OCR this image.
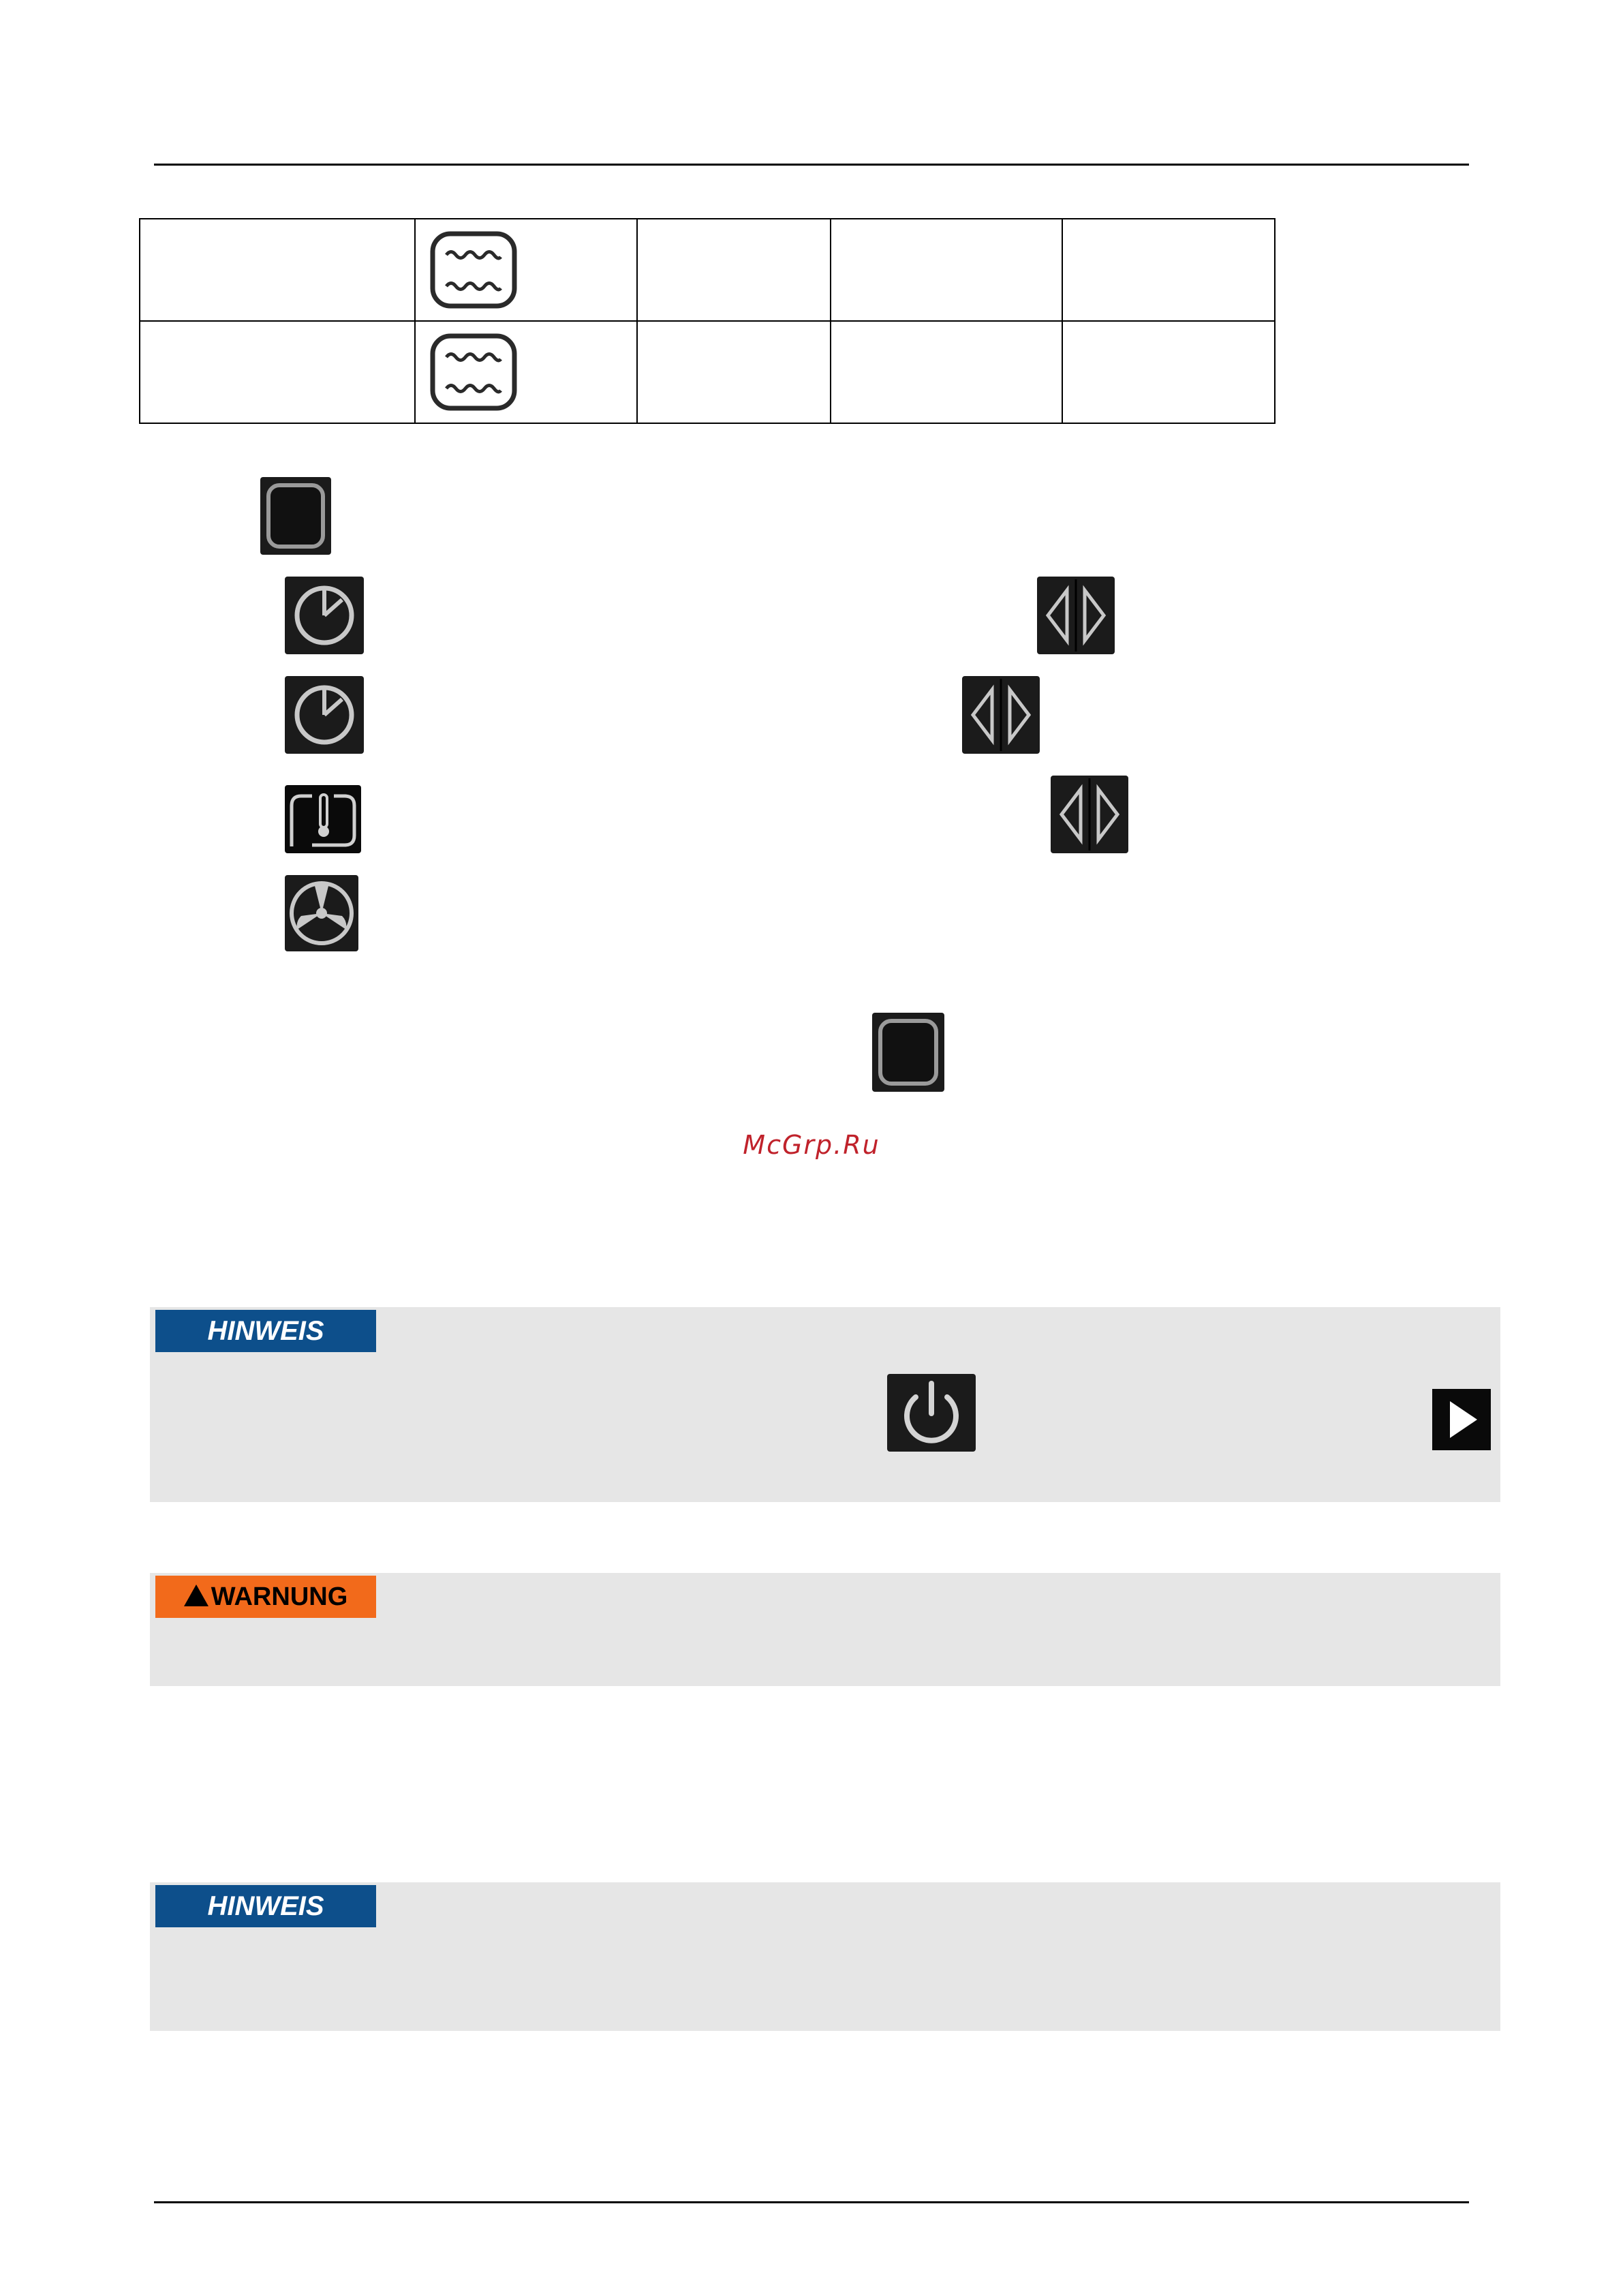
McGrp.Ru
HINWEIS
WARNUNG
HINWEIS
